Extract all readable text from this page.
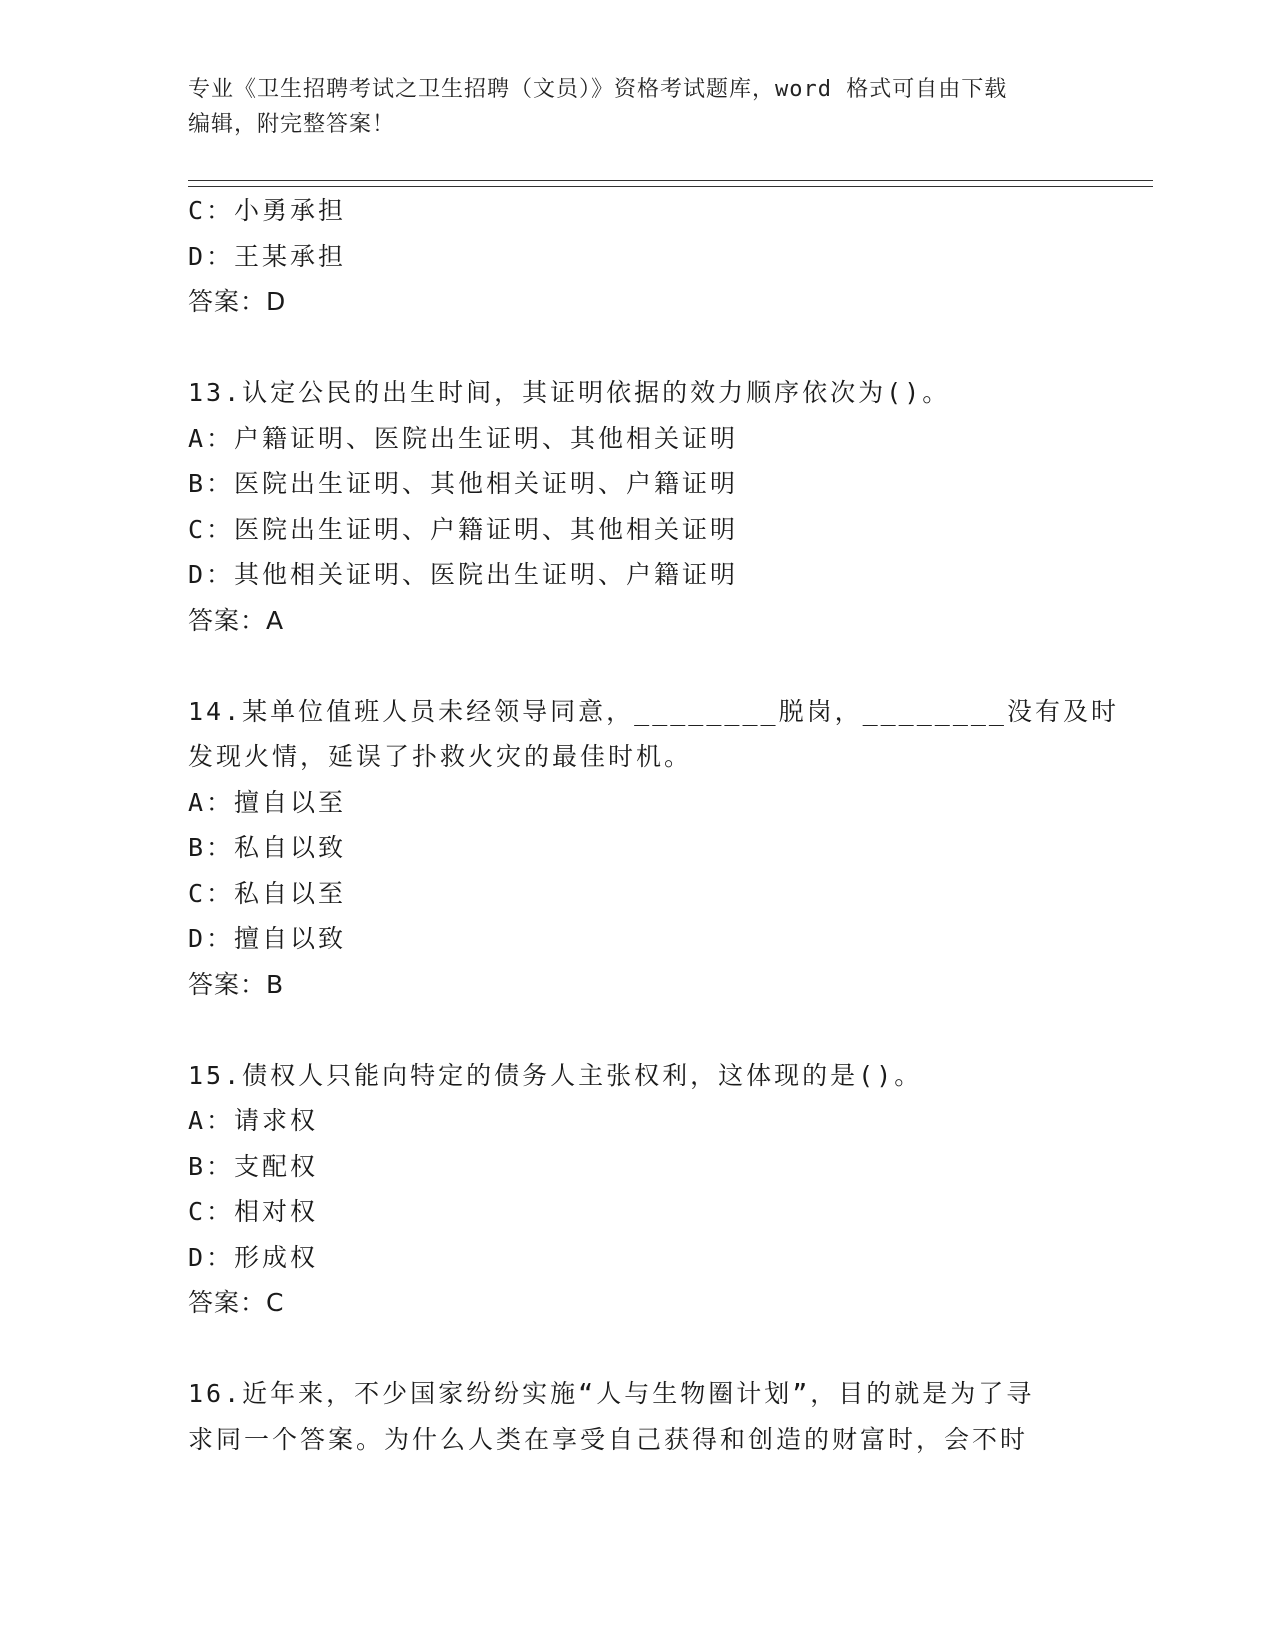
专业《卫生招聘考试之卫生招聘（文员）》资格考试题库，word 格式可自由下载
编辑，附完整答案！
C：小勇承担
D：王某承担
答案：D
13.认定公民的出生时间，其证明依据的效力顺序依次为()。
A：户籍证明、医院出生证明、其他相关证明
B：医院出生证明、其他相关证明、户籍证明
C：医院出生证明、户籍证明、其他相关证明
D：其他相关证明、医院出生证明、户籍证明
答案：A
14.某单位值班人员未经领导同意，________脱岗，________没有及时
发现火情，延误了扑救火灾的最佳时机。
A：擅自以至
B：私自以致
C：私自以至
D：擅自以致
答案：B
15.债权人只能向特定的债务人主张权利，这体现的是()。
A：请求权
B：支配权
C：相对权
D：形成权
答案：C
16.近年来，不少国家纷纷实施“人与生物圈计划”，目的就是为了寻
求同一个答案。为什么人类在享受自己获得和创造的财富时，会不时
